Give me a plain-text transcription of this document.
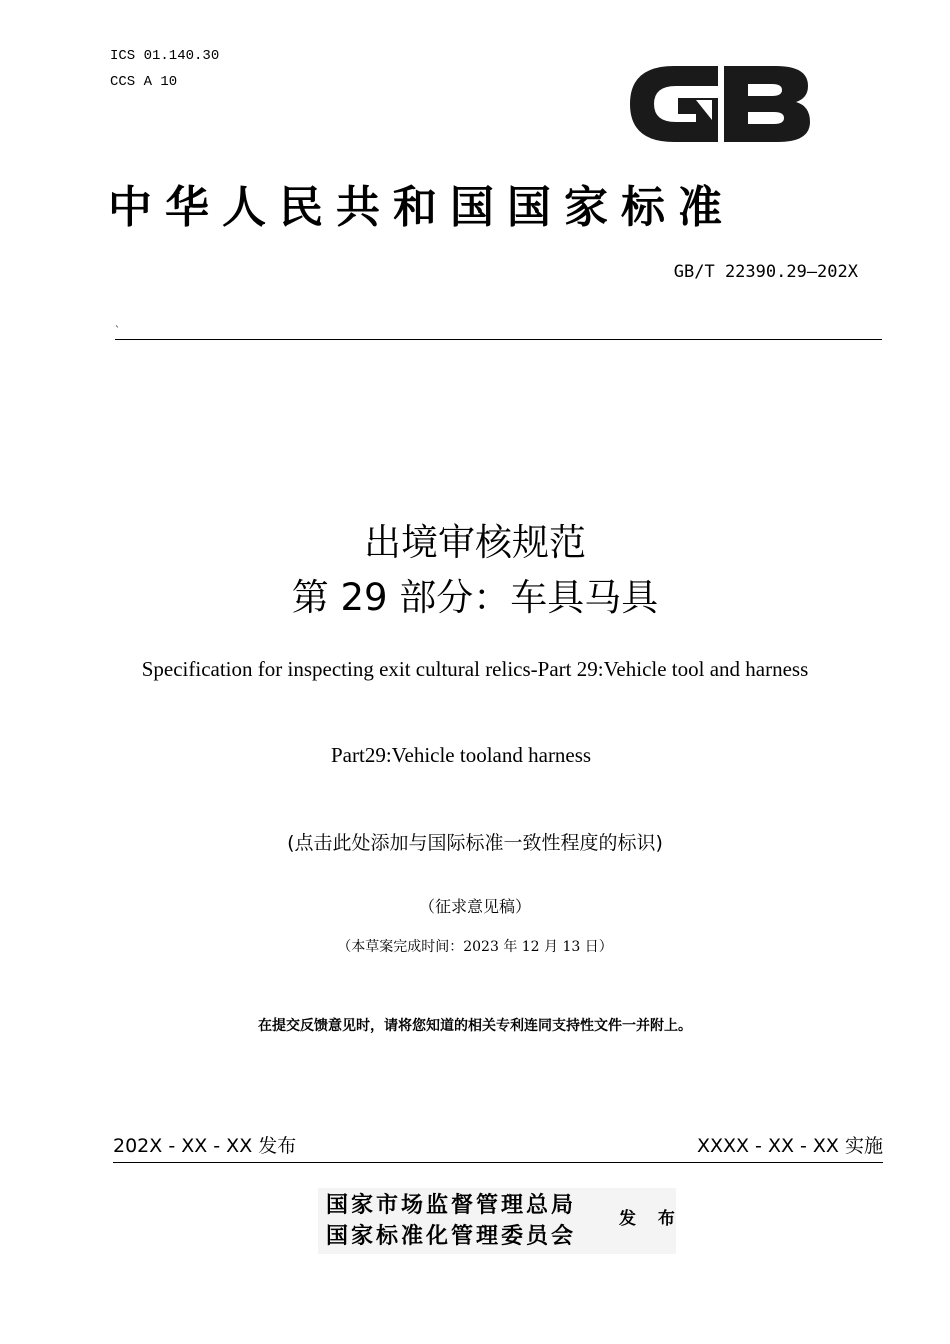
ICS 01.140.30
CCS A 10
中华人民共和国国家标准
GB/T 22390.29—202X
`
出境审核规范
第 29 部分：车具马具
Specification for inspecting exit cultural relics-Part 29:Vehicle tool and harness
Part29:Vehicle tooland harness
(点击此处添加与国际标准一致性程度的标识)
（征求意见稿）
（本草案完成时间：2023 年 12 月 13 日）
在提交反馈意见时，请将您知道的相关专利连同支持性文件一并附上。
202X - XX - XX 发布	XXXX - XX - XX 实施
国家市场监督管理总局
国家标准化管理委员会
发 布
